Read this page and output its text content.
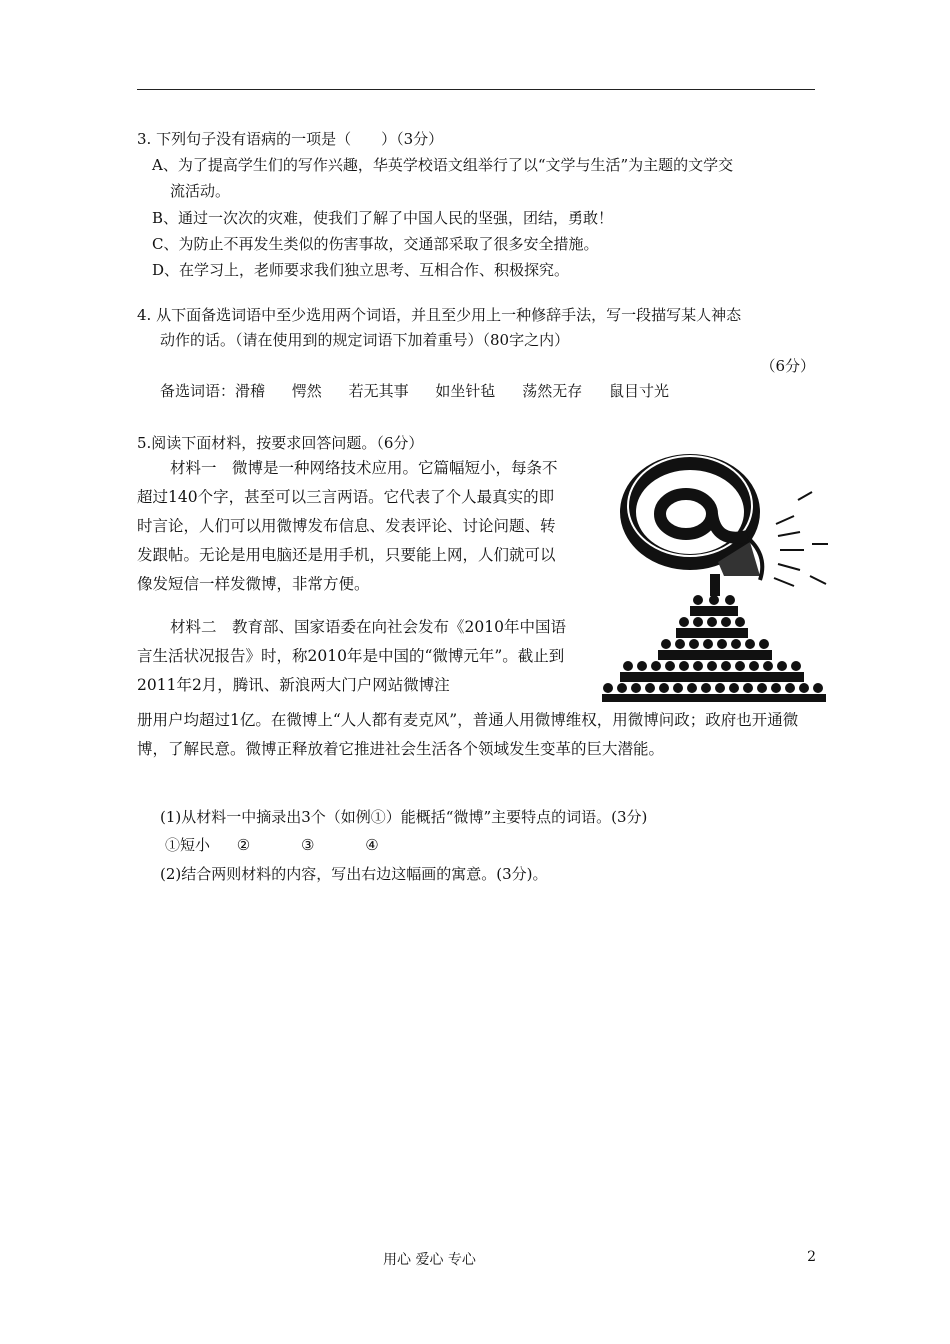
3. 下列句子没有语病的一项是（　　）（3分）
A、为了提高学生们的写作兴趣，华英学校语文组举行了以“文学与生活”为主题的文学交
流活动。
B、通过一次次的灾难，使我们了解了中国人民的坚强，团结，勇敢！
C、为防止不再发生类似的伤害事故，交通部采取了很多安全措施。
D、在学习上，老师要求我们独立思考、互相合作、积极探究。
4. 从下面备选词语中至少选用两个词语，并且至少用上一种修辞手法，写一段描写某人神态
动作的话。（请在使用到的规定词语下加着重号）（80字之内）
（6分）
备选词语：滑稽 愕然 若无其事 如坐针毡 荡然无存 鼠目寸光
5.阅读下面材料，按要求回答问题。（6分）
材料一　微博是一种网络技术应用。它篇幅短小，每条不超过140个字，甚至可以三言两语。它代表了个人最真实的即时言论，人们可以用微博发布信息、发表评论、讨论问题、转发跟帖。无论是用电脑还是用手机，只要能上网，人们就可以像发短信一样发微博，非常方便。
材料二　教育部、国家语委在向社会发布《2010年中国语言生活状况报告》时，称2010年是中国的“微博元年”。截止到2011年2月，腾讯、新浪两大门户网站微博注
册用户均超过1亿。在微博上“人人都有麦克风”，普通人用微博维权，用微博问政；政府也开通微博，了解民意。微博正释放着它推进社会生活各个领域发生变革的巨大潜能。
(1)从材料一中摘录出3个（如例①）能概括“微博”主要特点的词语。(3分)
①短小 ②	③	④
(2)结合两则材料的内容，写出右边这幅画的寓意。(3分)。
用心 爱心 专心	2
